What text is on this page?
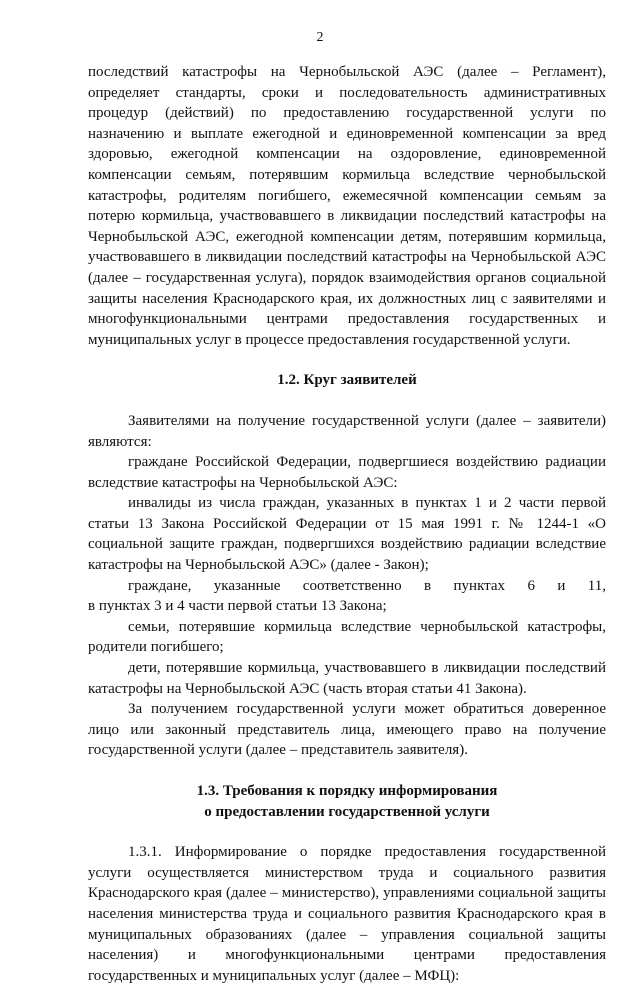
2

последствий катастрофы на Чернобыльской АЭС (далее – Регламент), определяет стандарты, сроки и последовательность административных процедур (действий) по предоставлению государственной услуги по назначению и выплате ежегодной и единовременной компенсации за вред здоровью, ежегодной компенсации на оздоровление, единовременной компенсации семьям, потерявшим кормильца вследствие чернобыльской катастрофы, родителям погибшего, ежемесячной компенсации семьям за потерю кормильца, участвовавшего в ликвидации последствий катастрофы на Чернобыльской АЭС, ежегодной компенсации детям, потерявшим кормильца, участвовавшего в ликвидации последствий катастрофы на Чернобыльской АЭС (далее – государственная услуга), порядок взаимодействия органов социальной защиты населения Краснодарского края, их должностных лиц с заявителями и многофункциональными центрами предоставления государственных и муниципальных услуг в процессе предоставления государственной услуги.

1.2. Круг заявителей

Заявителями на получение государственной услуги (далее – заявители) являются:

граждане Российской Федерации, подвергшиеся воздействию радиации вследствие катастрофы на Чернобыльской АЭС:

инвалиды из числа граждан, указанных в пунктах 1 и 2 части первой статьи 13 Закона Российской Федерации от 15 мая 1991 г. № 1244-1 «О социальной защите граждан, подвергшихся воздействию радиации вследствие катастрофы на Чернобыльской АЭС» (далее - Закон);

граждане, указанные соответственно в пунктах 6 и 11,

в пунктах 3 и 4 части первой статьи 13 Закона;

семьи, потерявшие кормильца вследствие чернобыльской катастрофы, родители погибшего;

дети, потерявшие кормильца, участвовавшего в ликвидации последствий катастрофы на Чернобыльской АЭС (часть вторая статьи 41 Закона).

За получением государственной услуги может обратиться доверенное лицо или законный представитель лица, имеющего право на получение государственной услуги (далее – представитель заявителя).

1.3. Требования к порядку информирования
о предоставлении государственной услуги

1.3.1. Информирование о порядке предоставления государственной услуги осуществляется министерством труда и социального развития Краснодарского края (далее – министерство), управлениями социальной защиты населения министерства труда и социального развития Краснодарского края в муниципальных образованиях (далее – управления социальной защиты населения) и многофункциональными центрами предоставления государственных и муниципальных услуг (далее – МФЦ):
